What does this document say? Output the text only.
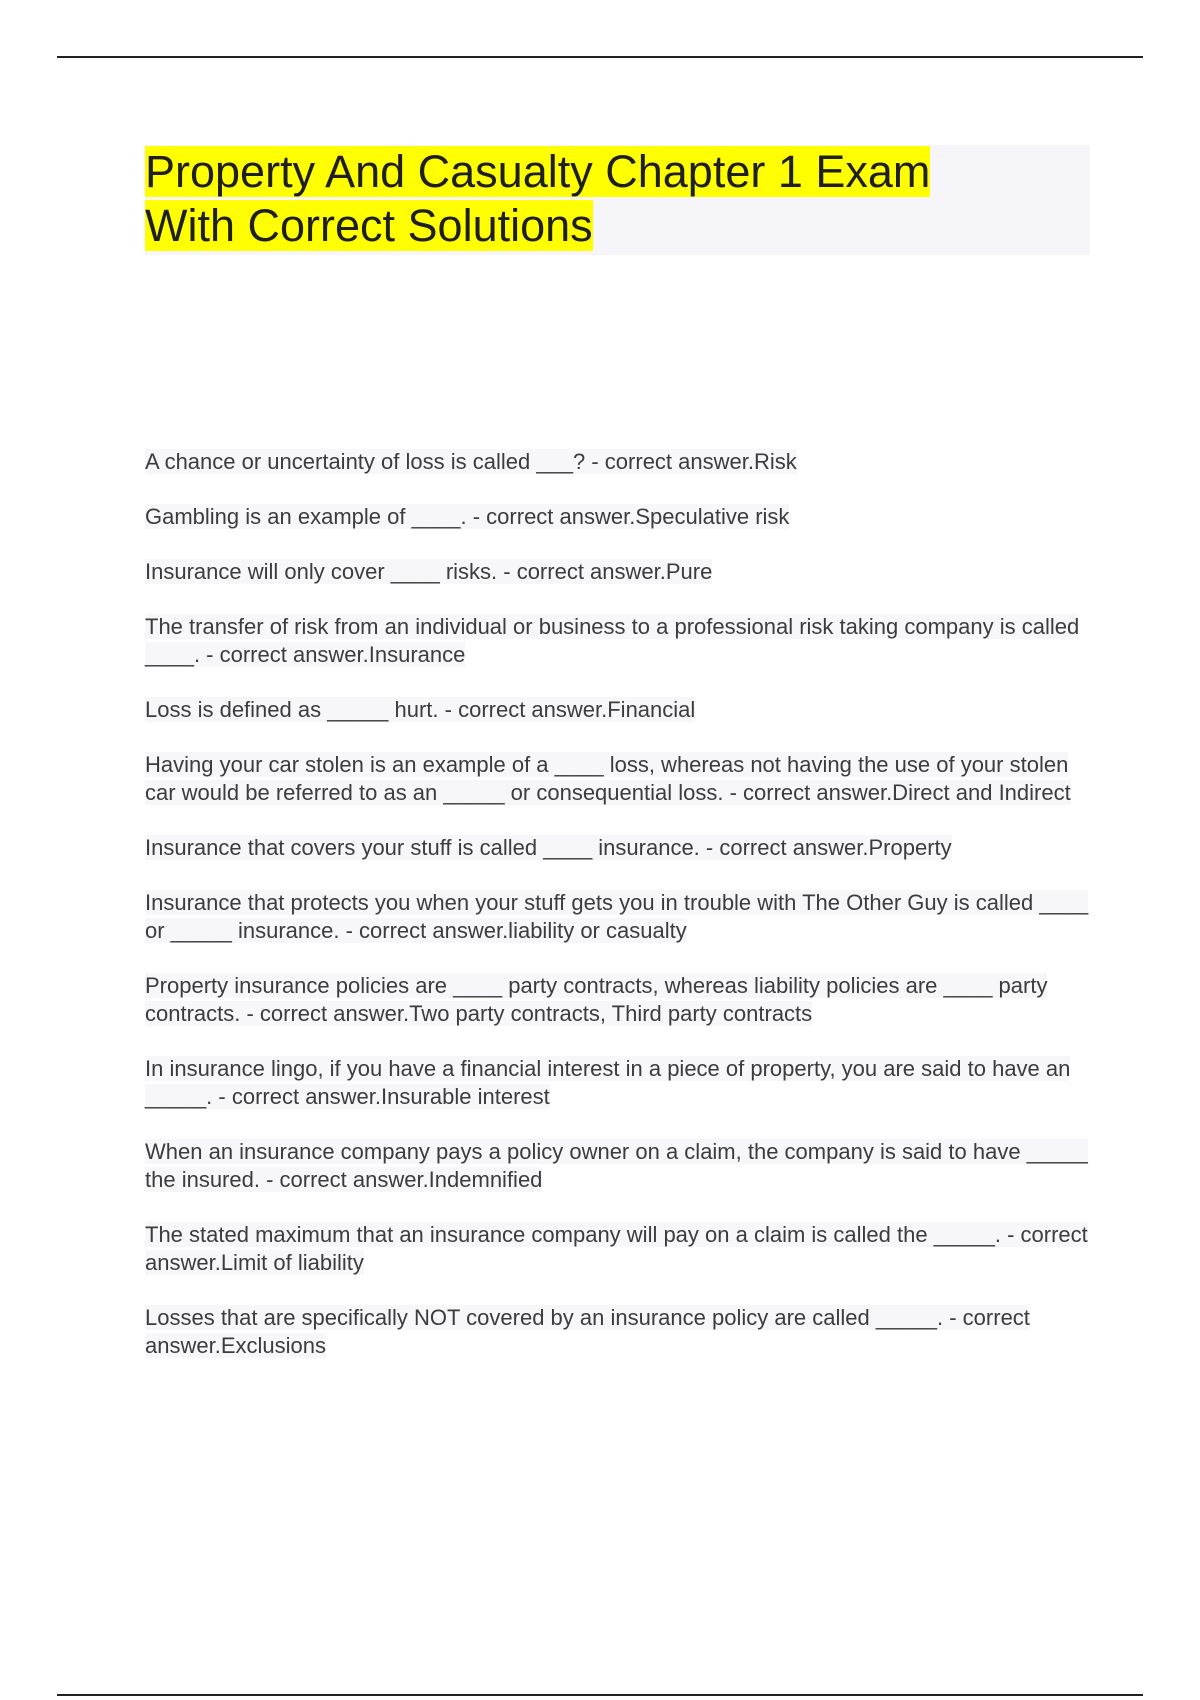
Property And Casualty Chapter 1 Exam
With Correct Solutions

A chance or uncertainty of loss is called ___? - correct answer.Risk

Gambling is an example of ____. - correct answer.Speculative risk

Insurance will only cover ____ risks. - correct answer.Pure

The transfer of risk from an individual or business to a professional risk taking company is called ____. - correct answer.Insurance

Loss is defined as _____ hurt. - correct answer.Financial

Having your car stolen is an example of a ____ loss, whereas not having the use of your stolen car would be referred to as an _____ or consequential loss. - correct answer.Direct and Indirect

Insurance that covers your stuff is called ____ insurance. - correct answer.Property

Insurance that protects you when your stuff gets you in trouble with The Other Guy is called ____ or _____ insurance. - correct answer.liability or casualty

Property insurance policies are ____ party contracts, whereas liability policies are ____ party contracts. - correct answer.Two party contracts, Third party contracts

In insurance lingo, if you have a financial interest in a piece of property, you are said to have an _____. - correct answer.Insurable interest

When an insurance company pays a policy owner on a claim, the company is said to have _____ the insured. - correct answer.Indemnified

The stated maximum that an insurance company will pay on a claim is called the _____. - correct answer.Limit of liability

Losses that are specifically NOT covered by an insurance policy are called _____. - correct answer.Exclusions
